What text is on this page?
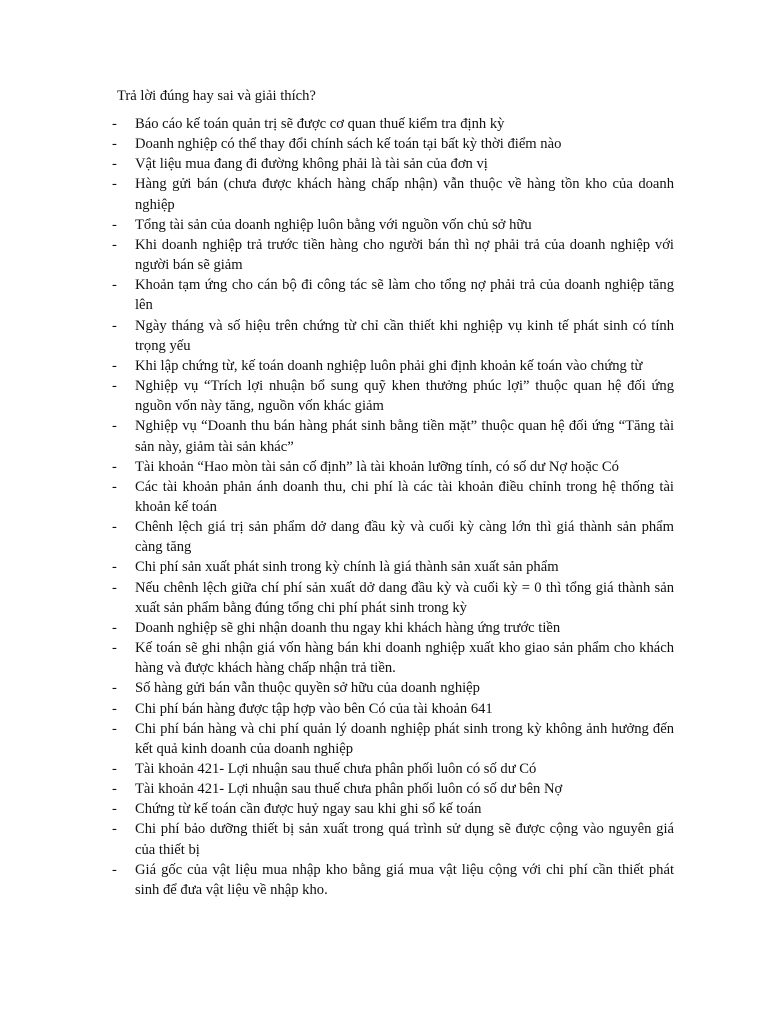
Trả lời đúng hay sai và giải thích?
- Báo cáo kế toán quản trị sẽ được cơ quan thuế kiểm tra định kỳ
- Doanh nghiệp có thể thay đổi chính sách kế toán tại bất kỳ thời điểm nào
- Vật liệu mua đang đi đường không phải là tài sản của đơn vị
- Hàng gửi bán (chưa được khách hàng chấp nhận) vẫn thuộc về hàng tồn kho của doanh nghiệp
- Tổng tài sản của doanh nghiệp luôn bằng với nguồn vốn chủ sở hữu
- Khi doanh nghiệp trả trước tiền hàng cho người bán thì nợ phải trả của doanh nghiệp với người bán sẽ giảm
- Khoản tạm ứng cho cán bộ đi công tác sẽ làm cho tổng nợ phải trả của doanh nghiệp tăng lên
- Ngày tháng và số hiệu trên chứng từ chỉ cần thiết khi nghiệp vụ kinh tế phát sinh có tính trọng yếu
- Khi lập chứng từ, kế toán doanh nghiệp luôn phải ghi định khoản kế toán vào chứng từ
- Nghiệp vụ “Trích lợi nhuận bổ sung quỹ khen thưởng phúc lợi” thuộc quan hệ đối ứng nguồn vốn này tăng, nguồn vốn khác giảm
- Nghiệp vụ “Doanh thu bán hàng phát sinh bằng tiền mặt” thuộc quan hệ đối ứng “Tăng tài sản này, giảm tài sản khác”
- Tài khoản “Hao mòn tài sản cố định” là tài khoản lưỡng tính, có số dư Nợ hoặc Có
- Các tài khoản phản ánh doanh thu, chi phí là các tài khoản điều chỉnh trong hệ thống tài khoản kế toán
- Chênh lệch giá trị sản phẩm dở dang đầu kỳ và cuối kỳ càng lớn thì giá thành sản phẩm càng tăng
- Chi phí sản xuất phát sinh trong kỳ chính là giá thành sản xuất sản phẩm
- Nếu chênh lệch giữa chí phí sản xuất dở dang đầu kỳ và cuối kỳ = 0 thì tổng giá thành sản xuất sản phẩm bằng đúng tổng chi phí phát sinh trong kỳ
- Doanh nghiệp sẽ ghi nhận doanh thu ngay khi khách hàng ứng trước tiền
- Kế toán sẽ ghi nhận giá vốn hàng bán khi doanh nghiệp xuất kho giao sản phẩm cho khách hàng và được khách hàng chấp nhận trả tiền.
- Số hàng gửi bán vẫn thuộc quyền sở hữu của doanh nghiệp
- Chi phí bán hàng được tập hợp vào bên Có của tài khoản 641
- Chi phí bán hàng và chi phí quản lý doanh nghiệp phát sinh trong kỳ không ảnh hưởng đến kết quả kinh doanh của doanh nghiệp
- Tài khoản 421- Lợi nhuận sau thuế chưa phân phối luôn có số dư Có
- Tài khoản 421- Lợi nhuận sau thuế chưa phân phối luôn có số dư bên Nợ
- Chứng từ kế toán cần được huỷ ngay sau khi ghi sổ kế toán
- Chi phí bảo dưỡng thiết bị sản xuất trong quá trình sử dụng sẽ được cộng vào nguyên giá của thiết bị
- Giá gốc của vật liệu mua nhập kho bằng giá mua vật liệu cộng với chi phí cần thiết phát sinh để đưa vật liệu về nhập kho.
